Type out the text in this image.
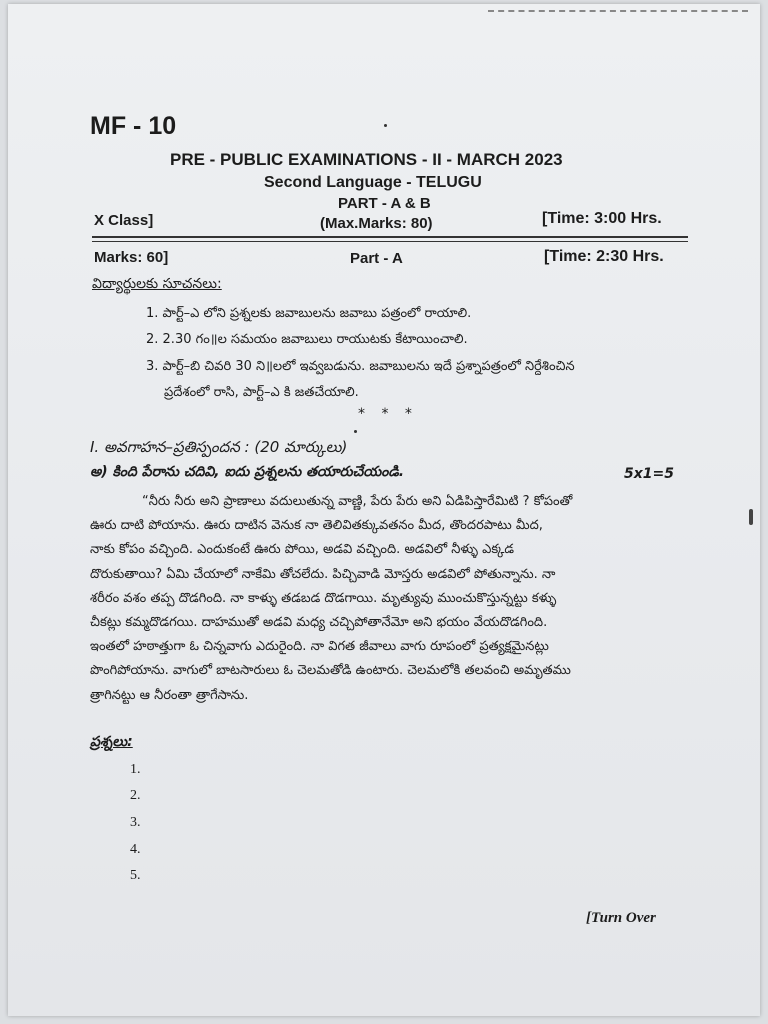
MF - 10
PRE - PUBLIC EXAMINATIONS - II - MARCH 2023
Second Language - TELUGU
PART - A & B
X Class]	(Max.Marks: 80)	[Time: 3:00 Hrs.
Marks: 60]	Part - A	[Time: 2:30 Hrs.
విద్యార్థులకు సూచనలు:
1. పార్ట్–ఎ లోని ప్రశ్నలకు జవాబులను జవాబు పత్రంలో రాయాలి.
2. 2.30 గం॥ల సమయం జవాబులు రాయుటకు కేటాయించాలి.
3. పార్ట్–బి చివరి 30 ని॥లలో ఇవ్వబడును. జవాబులను ఇదే ప్రశ్నాపత్రంలో నిర్దేశించిన
ప్రదేశంలో రాసి, పార్ట్–ఎ కి జతచేయాలి.
* * *
I. అవగాహన–ప్రతిస్పందన : (20 మార్కులు)
అ) కింది పేరాను చదివి, ఐదు ప్రశ్నలను తయారుచేయండి.	5x1=5
“నీరు నీరు అని ప్రాణాలు వదులుతున్న వాణ్ణి, పేరు పేరు అని ఏడిపిస్తారేమిటి ? కోపంతో
ఊరు దాటి పోయాను. ఊరు దాటిన వెనుక నా తెలివితక్కువతనం మీద, తొందరపాటు మీద,
నాకు కోపం వచ్చింది. ఎందుకంటే ఊరు పోయి, అడవి వచ్చింది. అడవిలో నీళ్ళు ఎక్కడ
దొరుకుతాయి? ఏమి చేయాలో నాకేమి తోచలేదు. పిచ్చివాడి మోస్తరు అడవిలో పోతున్నాను. నా
శరీరం వశం తప్ప దొడగింది. నా కాళ్ళు తడబడ దొడగాయి. మృత్యువు ముంచుకొస్తున్నట్టు కళ్ళు
చీకట్లు కమ్మదొడగయి. దాహముతో అడవి మధ్య చచ్చిపోతానేమో అని భయం వేయదొడగింది.
ఇంతలో హఠాత్తుగా ఓ చిన్నవాగు ఎదురైంది. నా విగత జీవాలు వాగు రూపంలో ప్రత్యక్షమైనట్లు
పొంగిపోయాను. వాగులో బాటసారులు ఓ చెలమతోడి ఉంటారు. చెలమలోకి తలవంచి అమృతము
త్రాగినట్టు ఆ నీరంతా త్రాగేసాను.
ప్రశ్నలు:
1.
2.
3.
4.
5.
[Turn Over
